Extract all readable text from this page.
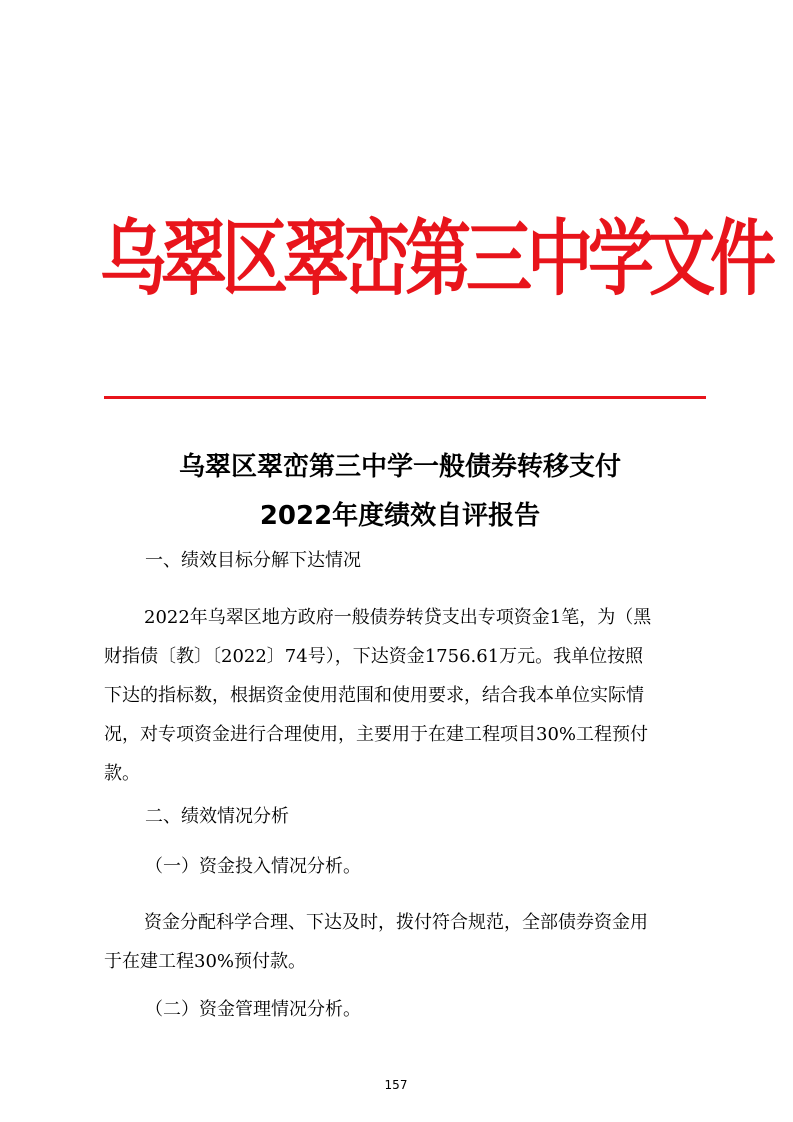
乌翠区翠峦第三中学文件
乌翠区翠峦第三中学一般债券转移支付
2022年度绩效自评报告
一、绩效目标分解下达情况
2022年乌翠区地方政府一般债券转贷支出专项资金1笔，为（黑
财指债〔教〕〔2022〕74号），下达资金1756.61万元。我单位按照
下达的指标数，根据资金使用范围和使用要求，结合我本单位实际情
况，对专项资金进行合理使用，主要用于在建工程项目30%工程预付
款。
二、绩效情况分析
（一）资金投入情况分析。
资金分配科学合理、下达及时，拨付符合规范，全部债券资金用
于在建工程30%预付款。
（二）资金管理情况分析。
157
